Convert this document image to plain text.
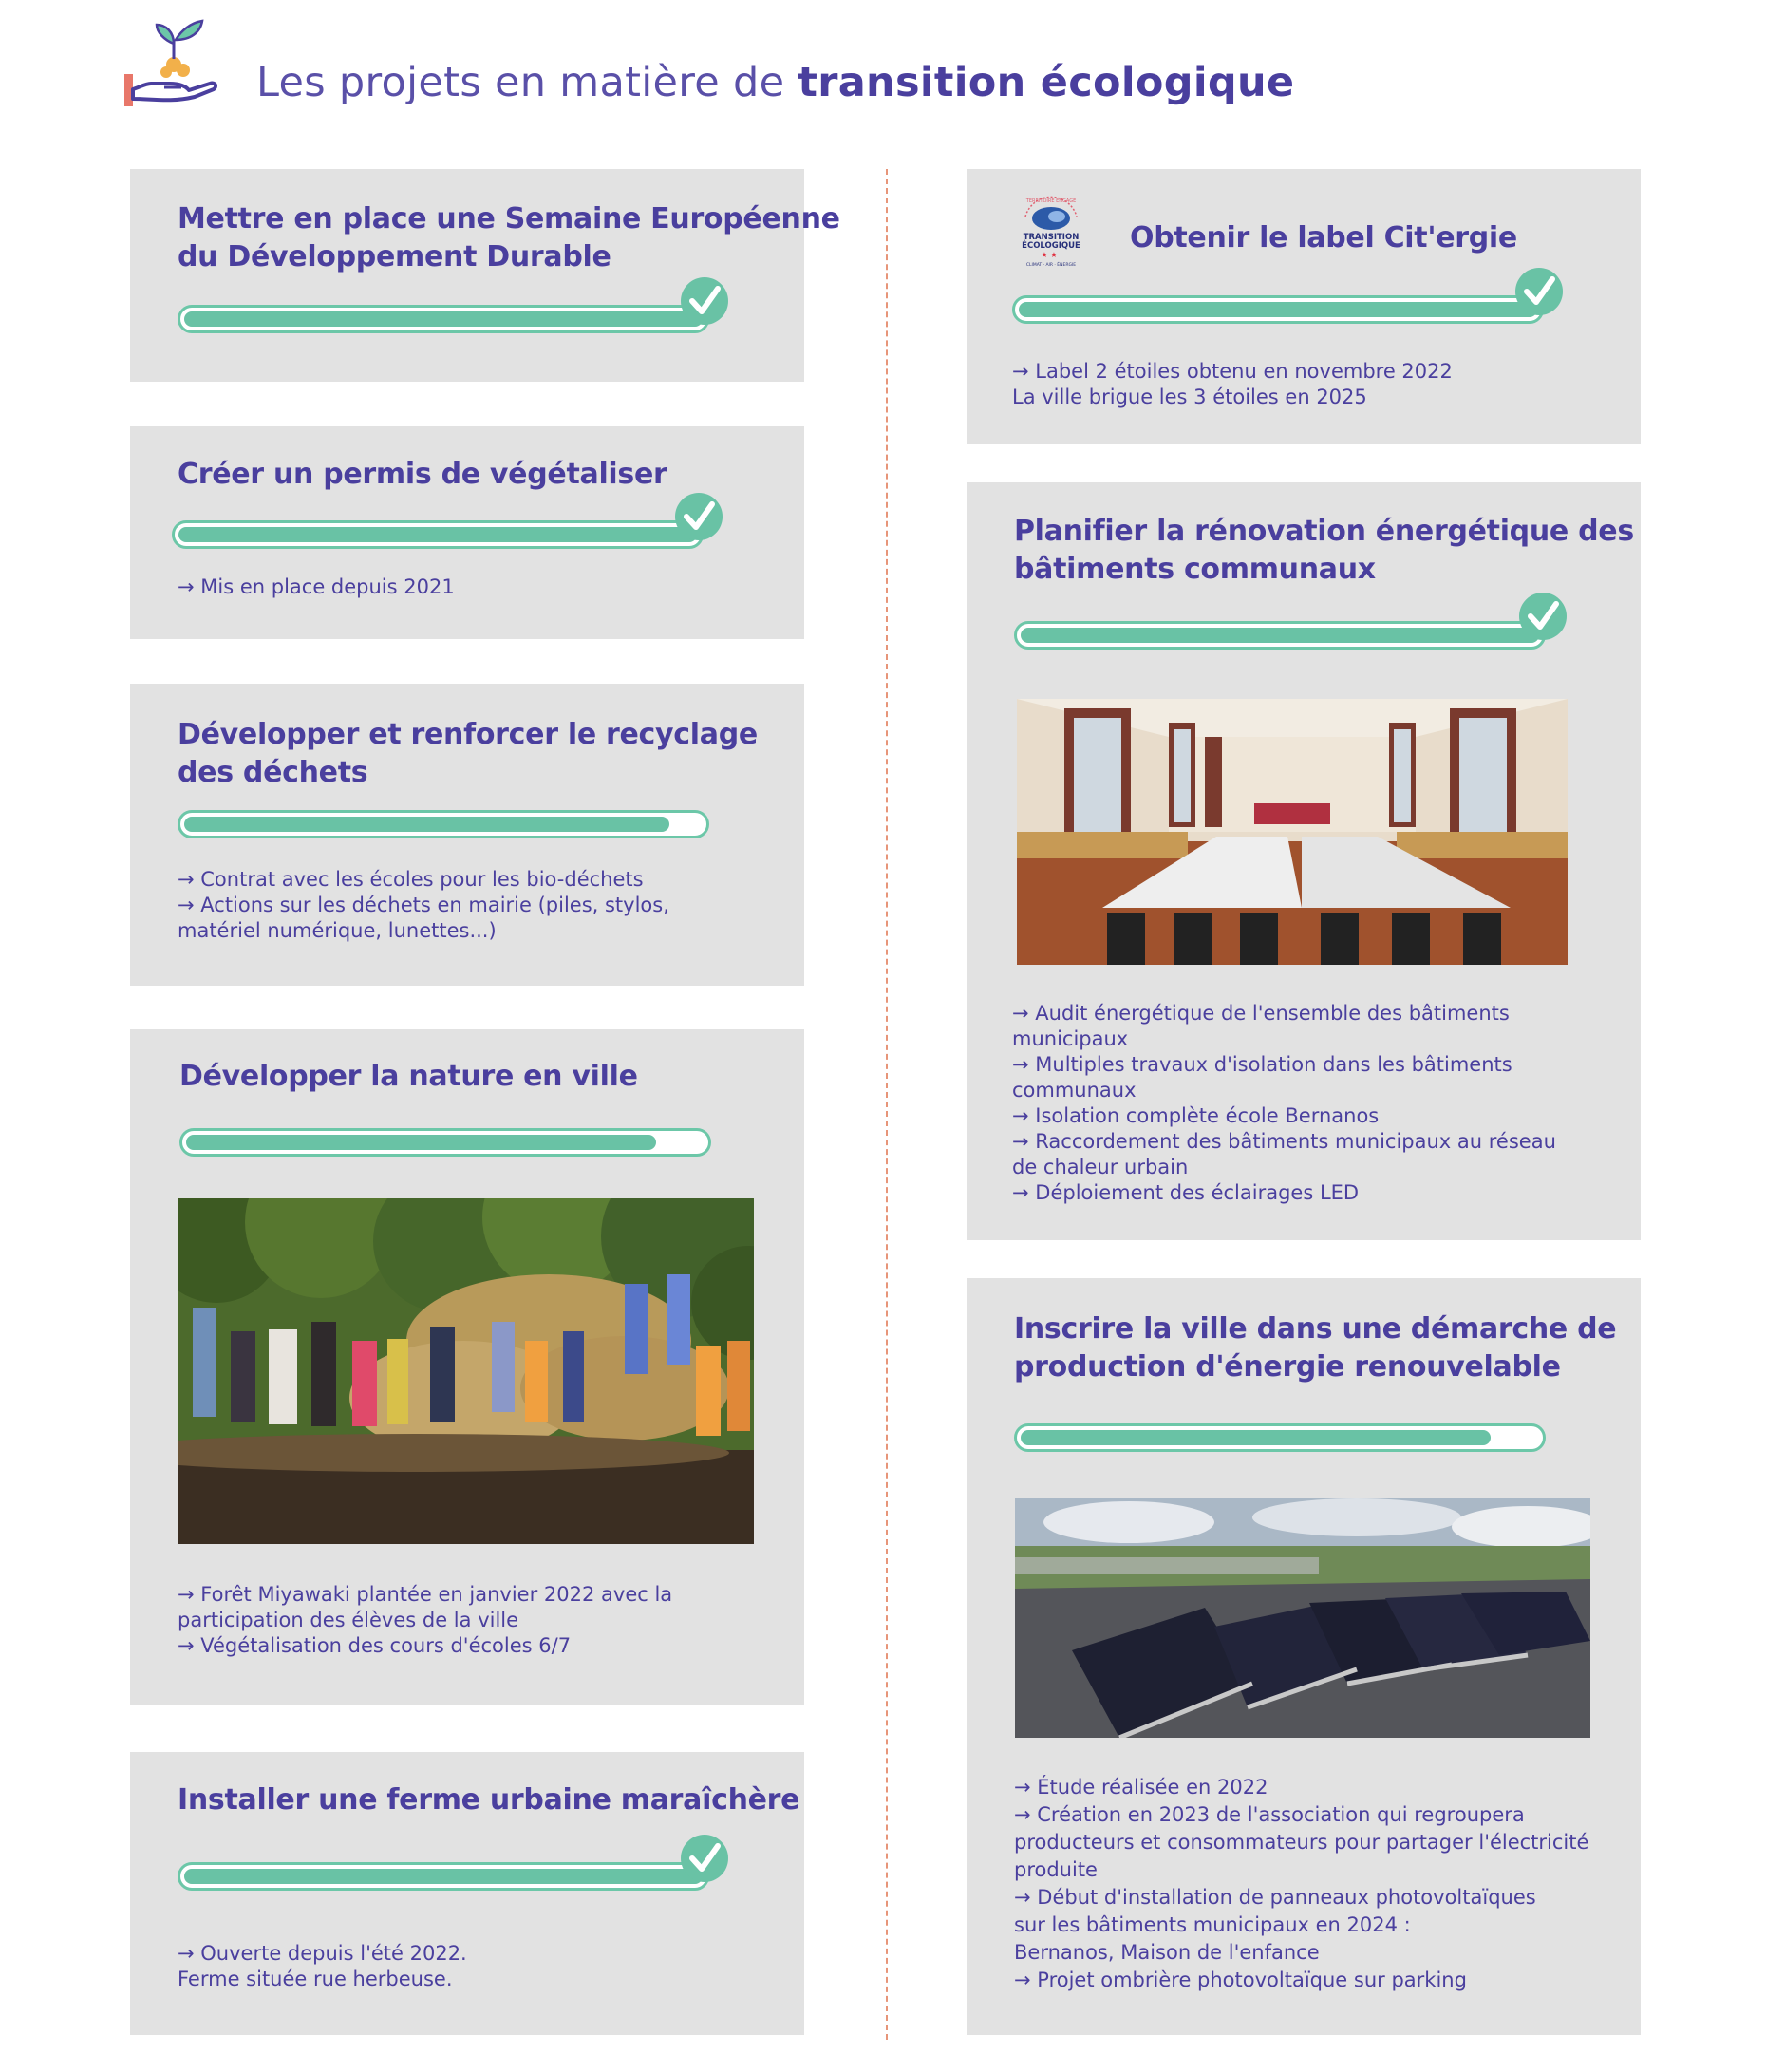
Les projets en matière de transition écologique
Mettre en place une Semaine Européenne
du Développement Durable
Créer un permis de végétaliser
→ Mis en place depuis 2021
Développer et renforcer le recyclage
des déchets
→ Contrat avec les écoles pour les bio-déchets
→ Actions sur les déchets en mairie (piles, stylos,
matériel numérique, lunettes...)
Développer la nature en ville
→ Forêt Miyawaki plantée en janvier 2022 avec la
participation des élèves de la ville
→ Végétalisation des cours d'écoles 6/7
Installer une ferme urbaine maraîchère
→ Ouverte depuis l'été 2022.
Ferme située rue herbeuse.
TERRITOIRE ENGAGÉ
TRANSITION
ÉCOLOGIQUE
★ ★
CLIMAT · AIR · ÉNERGIE
Obtenir le label Cit'ergie
→ Label 2 étoiles obtenu en novembre 2022
La ville brigue les 3 étoiles en 2025
Planifier la rénovation énergétique des
bâtiments communaux
→ Audit énergétique de l'ensemble des bâtiments
municipaux
→ Multiples travaux d'isolation dans les bâtiments
communaux
→ Isolation complète école Bernanos
→ Raccordement des bâtiments municipaux au réseau
de chaleur urbain
→ Déploiement des éclairages LED
Inscrire la ville dans une démarche de
production d'énergie renouvelable
→ Étude réalisée en 2022
→ Création en 2023 de l'association qui regroupera
producteurs et consommateurs pour partager l'électricité
produite
→ Début d'installation de panneaux photovoltaïques
sur les bâtiments municipaux en 2024 :
Bernanos, Maison de l'enfance
→ Projet ombrière photovoltaïque sur parking
